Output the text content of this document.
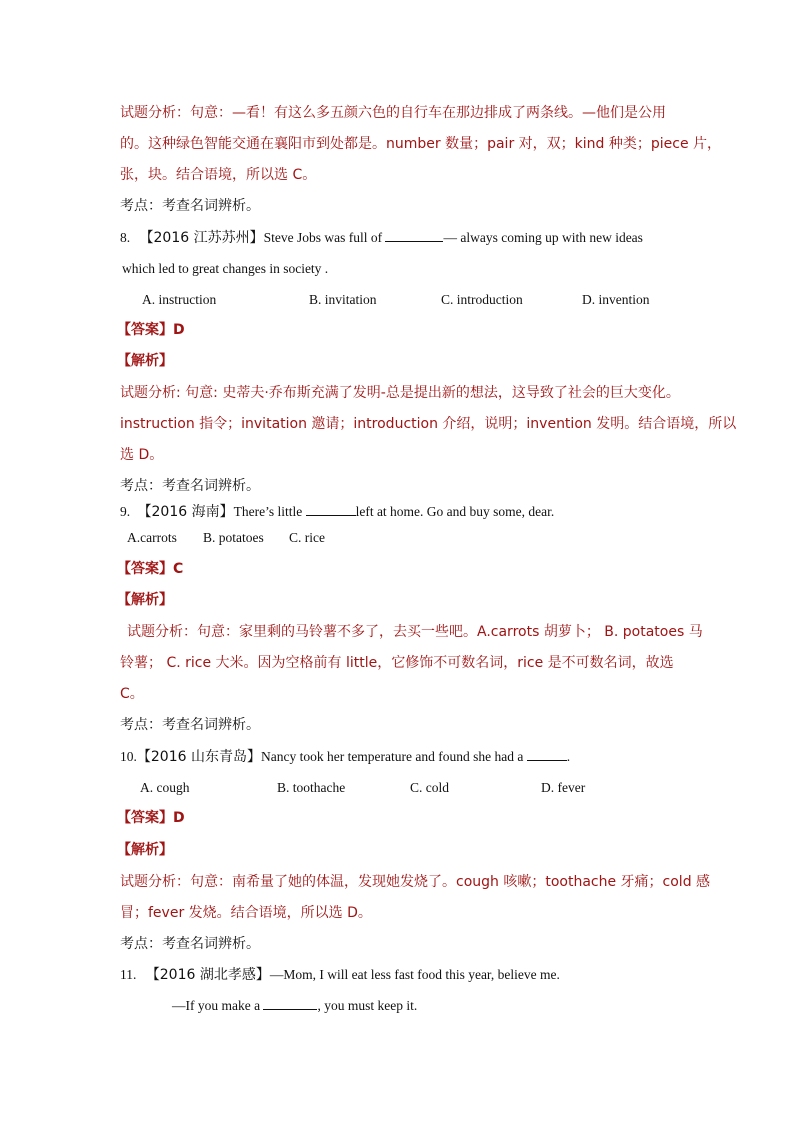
试题分析：句意：—看！有这么多五颜六色的自行车在那边排成了两条线。—他们是公用
的。这种绿色智能交通在襄阳市到处都是。number 数量；pair 对，双；kind 种类；piece 片，
张，块。结合语境，所以选 C。
考点：考查名词辨析。
8. 【2016 江苏苏州】Steve Jobs was full of	— always coming up with new ideas
which led to great changes in society .
A. instruction	B. invitation	C. introduction	D. invention
【答案】D
【解析】
试题分析: 句意: 史蒂夫·乔布斯充满了发明-总是提出新的想法，这导致了社会的巨大变化。
instruction 指令；invitation 邀请；introduction 介绍，说明；invention 发明。结合语境，所以
选 D。
考点：考查名词辨析。
9. 【2016 海南】There’s little	left at home. Go and buy some, dear.
A.carrots B. potatoes C. rice
【答案】C
【解析】
试题分析：句意：家里剩的马铃薯不多了，去买一些吧。A.carrots 胡萝卜； B. potatoes 马
铃薯； C. rice 大米。因为空格前有 little，它修饰不可数名词，rice 是不可数名词，故选
C。
考点：考查名词辨析。
10.【2016 山东青岛】Nancy took her temperature and found she had a	.
A. cough	B. toothache	C. cold	D. fever
【答案】D
【解析】
试题分析：句意：南希量了她的体温，发现她发烧了。cough 咳嗽；toothache 牙痛；cold 感
冒；fever 发烧。结合语境，所以选 D。
考点：考查名词辨析。
11. 【2016 湖北孝感】—Mom, I will eat less fast food this year, believe me.
—If you make a	, you must keep it.
